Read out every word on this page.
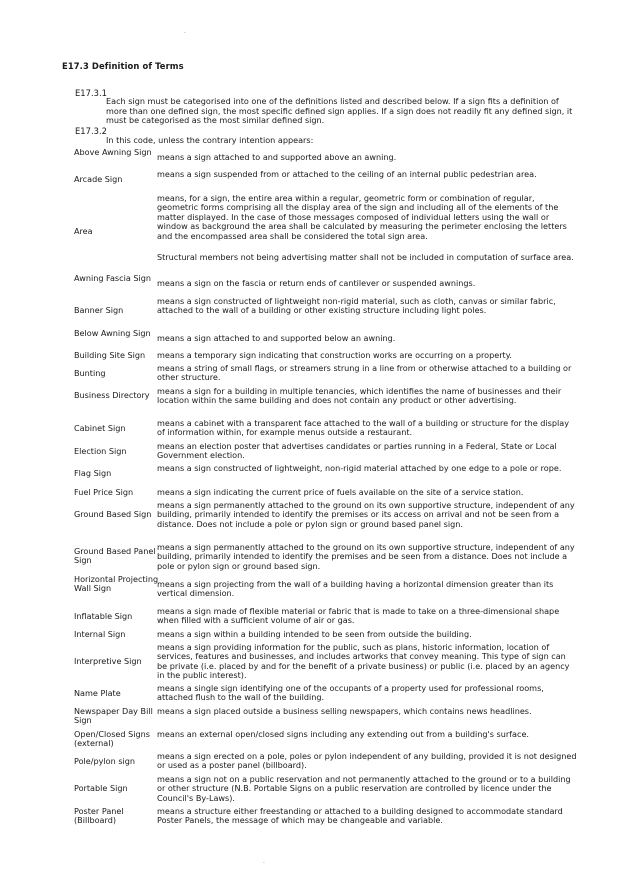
·
E17.3 Definition of Terms
E17.3.1
Each sign must be categorised into one of the definitions listed and described below. If a sign fits a definition of more than one defined sign, the most specific defined sign applies. If a sign does not readily fit any defined sign, it must be categorised as the most similar defined sign.
E17.3.2
In this code, unless the contrary intention appears:
Above Awning Sign means a sign attached to and supported above an awning.
Arcade Sign	means a sign suspended from or attached to the ceiling of an internal public pedestrian area.
Area
means, for a sign, the entire area within a regular, geometric form or combination of regular, geometric forms comprising all the display area of the sign and including all of the elements of the matter displayed. In the case of those messages composed of individual letters using the wall or window as background the area shall be calculated by measuring the perimeter enclosing the letters and the encompassed area shall be considered the total sign area.
Structural members not being advertising matter shall not be included in computation of surface area.
Awning Fascia Sign means a sign on the fascia or return ends of cantilever or suspended awnings.
Banner Sign
means a sign constructed of lightweight non-rigid material, such as cloth, canvas or similar fabric, attached to the wall of a building or other existing structure including light poles.
Below Awning Sign means a sign attached to and supported below an awning.
Building Site Sign	means a temporary sign indicating that construction works are occurring on a property.
Bunting	means a string of small flags, or streamers strung in a line from or otherwise attached to a building or other structure.
Business Directory means a sign for a building in multiple tenancies, which identifies the name of businesses and their location within the same building and does not contain any product or other advertising.
Cabinet Sign	means a cabinet with a transparent face attached to the wall of a building or structure for the display of information within, for example menus outside a restaurant.
Election Sign	means an election poster that advertises candidates or parties running in a Federal, State or Local Government election.
Flag Sign	means a sign constructed of lightweight, non-rigid material attached by one edge to a pole or rope.
Fuel Price Sign	means a sign indicating the current price of fuels available on the site of a service station.
Ground Based Sign
means a sign permanently attached to the ground on its own supportive structure, independent of any building, primarily intended to identify the premises or its access on arrival and not be seen from a distance. Does not include a pole or pylon sign or ground based panel sign.
Ground Based Panel Sign
means a sign permanently attached to the ground on its own supportive structure, independent of any building, primarily intended to identify the premises and be seen from a distance. Does not include a pole or pylon sign or ground based sign.
Horizontal Projecting Wall Sign	means a sign projecting from the wall of a building having a horizontal dimension greater than its vertical dimension.
Inflatable Sign	means a sign made of flexible material or fabric that is made to take on a three-dimensional shape when filled with a sufficient volume of air or gas.
Internal Sign	means a sign within a building intended to be seen from outside the building.
Interpretive Sign
means a sign providing information for the public, such as plans, historic information, location of services, features and businesses, and includes artworks that convey meaning. This type of sign can be private (i.e. placed by and for the benefit of a private business) or public (i.e. placed by an agency in the public interest).
Name Plate	means a single sign identifying one of the occupants of a property used for professional rooms, attached flush to the wall of the building.
Newspaper Day Bill Sign
means a sign placed outside a business selling newspapers, which contains news headlines.
Open/Closed Signs (external)
means an external open/closed signs including any extending out from a building's surface.
Pole/pylon sign	means a sign erected on a pole, poles or pylon independent of any building, provided it is not designed or used as a poster panel (billboard).
Portable Sign
means a sign not on a public reservation and not permanently attached to the ground or to a building or other structure (N.B. Portable Signs on a public reservation are controlled by licence under the Council's By-Laws).
Poster Panel (Billboard)
means a structure either freestanding or attached to a building designed to accommodate standard Poster Panels, the message of which may be changeable and variable.
·
